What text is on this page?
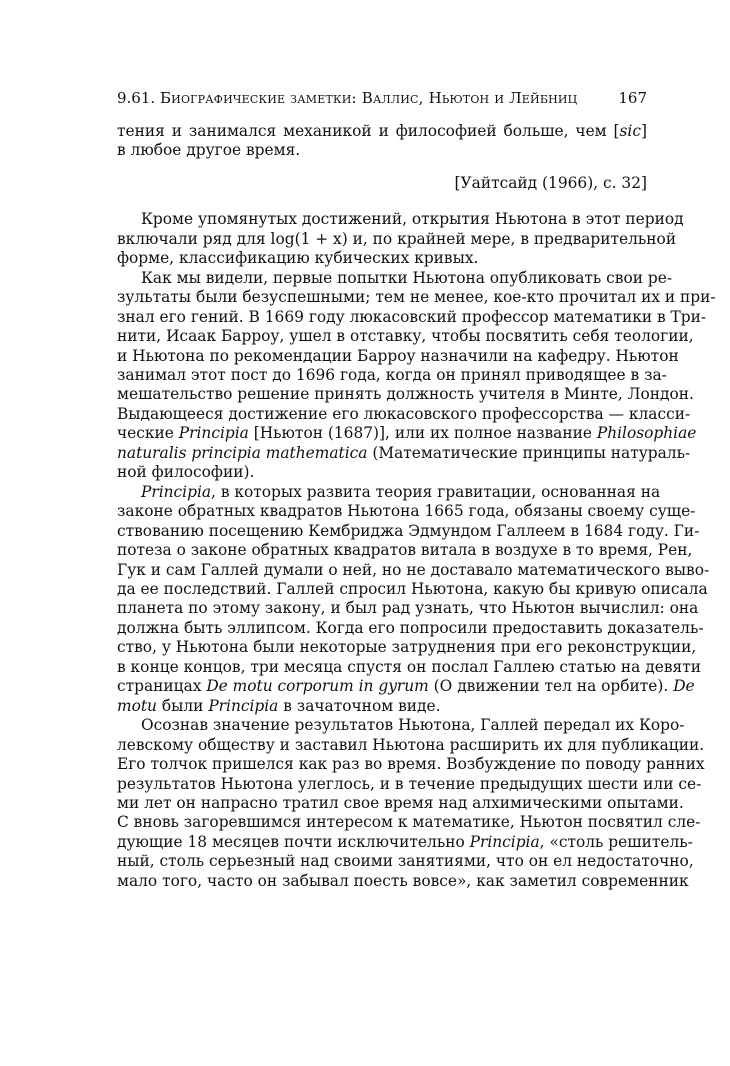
9.61. Биографические заметки: Валлис, Ньютон и Лейбниц	167
тения и занимался механикой и философией больше, чем [sic]
в любое другое время.
[Уайтсайд (1966), с. 32]
Кроме упомянутых достижений, открытия Ньютона в этот период
включали ряд для log(1 + x) и, по крайней мере, в предварительной
форме, классификацию кубических кривых.
Как мы видели, первые попытки Ньютона опубликовать свои ре-
зультаты были безуспешными; тем не менее, кое-кто прочитал их и при-
знал его гений. В 1669 году люкасовский профессор математики в Три-
нити, Исаак Барроу, ушел в отставку, чтобы посвятить себя теологии,
и Ньютона по рекомендации Барроу назначили на кафедру. Ньютон
занимал этот пост до 1696 года, когда он принял приводящее в за-
мешательство решение принять должность учителя в Минте, Лондон.
Выдающееся достижение его люкасовского профессорства — класси-
ческие Principia [Ньютон (1687)], или их полное название Philosophiae
naturalis principia mathematica (Математические принципы натураль-
ной философии).
Principia, в которых развита теория гравитации, основанная на
законе обратных квадратов Ньютона 1665 года, обязаны своему суще-
ствованию посещению Кембриджа Эдмундом Галлеем в 1684 году. Ги-
потеза о законе обратных квадратов витала в воздухе в то время, Рен,
Гук и сам Галлей думали о ней, но не доставало математического выво-
да ее последствий. Галлей спросил Ньютона, какую бы кривую описала
планета по этому закону, и был рад узнать, что Ньютон вычислил: она
должна быть эллипсом. Когда его попросили предоставить доказатель-
ство, у Ньютона были некоторые затруднения при его реконструкции,
в конце концов, три месяца спустя он послал Галлею статью на девяти
страницах De motu corporum in gyrum (О движении тел на орбите). De
motu были Principia в зачаточном виде.
Осознав значение результатов Ньютона, Галлей передал их Коро-
левскому обществу и заставил Ньютона расширить их для публикации.
Его толчок пришелся как раз во время. Возбуждение по поводу ранних
результатов Ньютона улеглось, и в течение предыдущих шести или се-
ми лет он напрасно тратил свое время над алхимическими опытами.
С вновь загоревшимся интересом к математике, Ньютон посвятил сле-
дующие 18 месяцев почти исключительно Principia, «столь решитель-
ный, столь серьезный над своими занятиями, что он ел недостаточно,
мало того, часто он забывал поесть вовсе», как заметил современник
